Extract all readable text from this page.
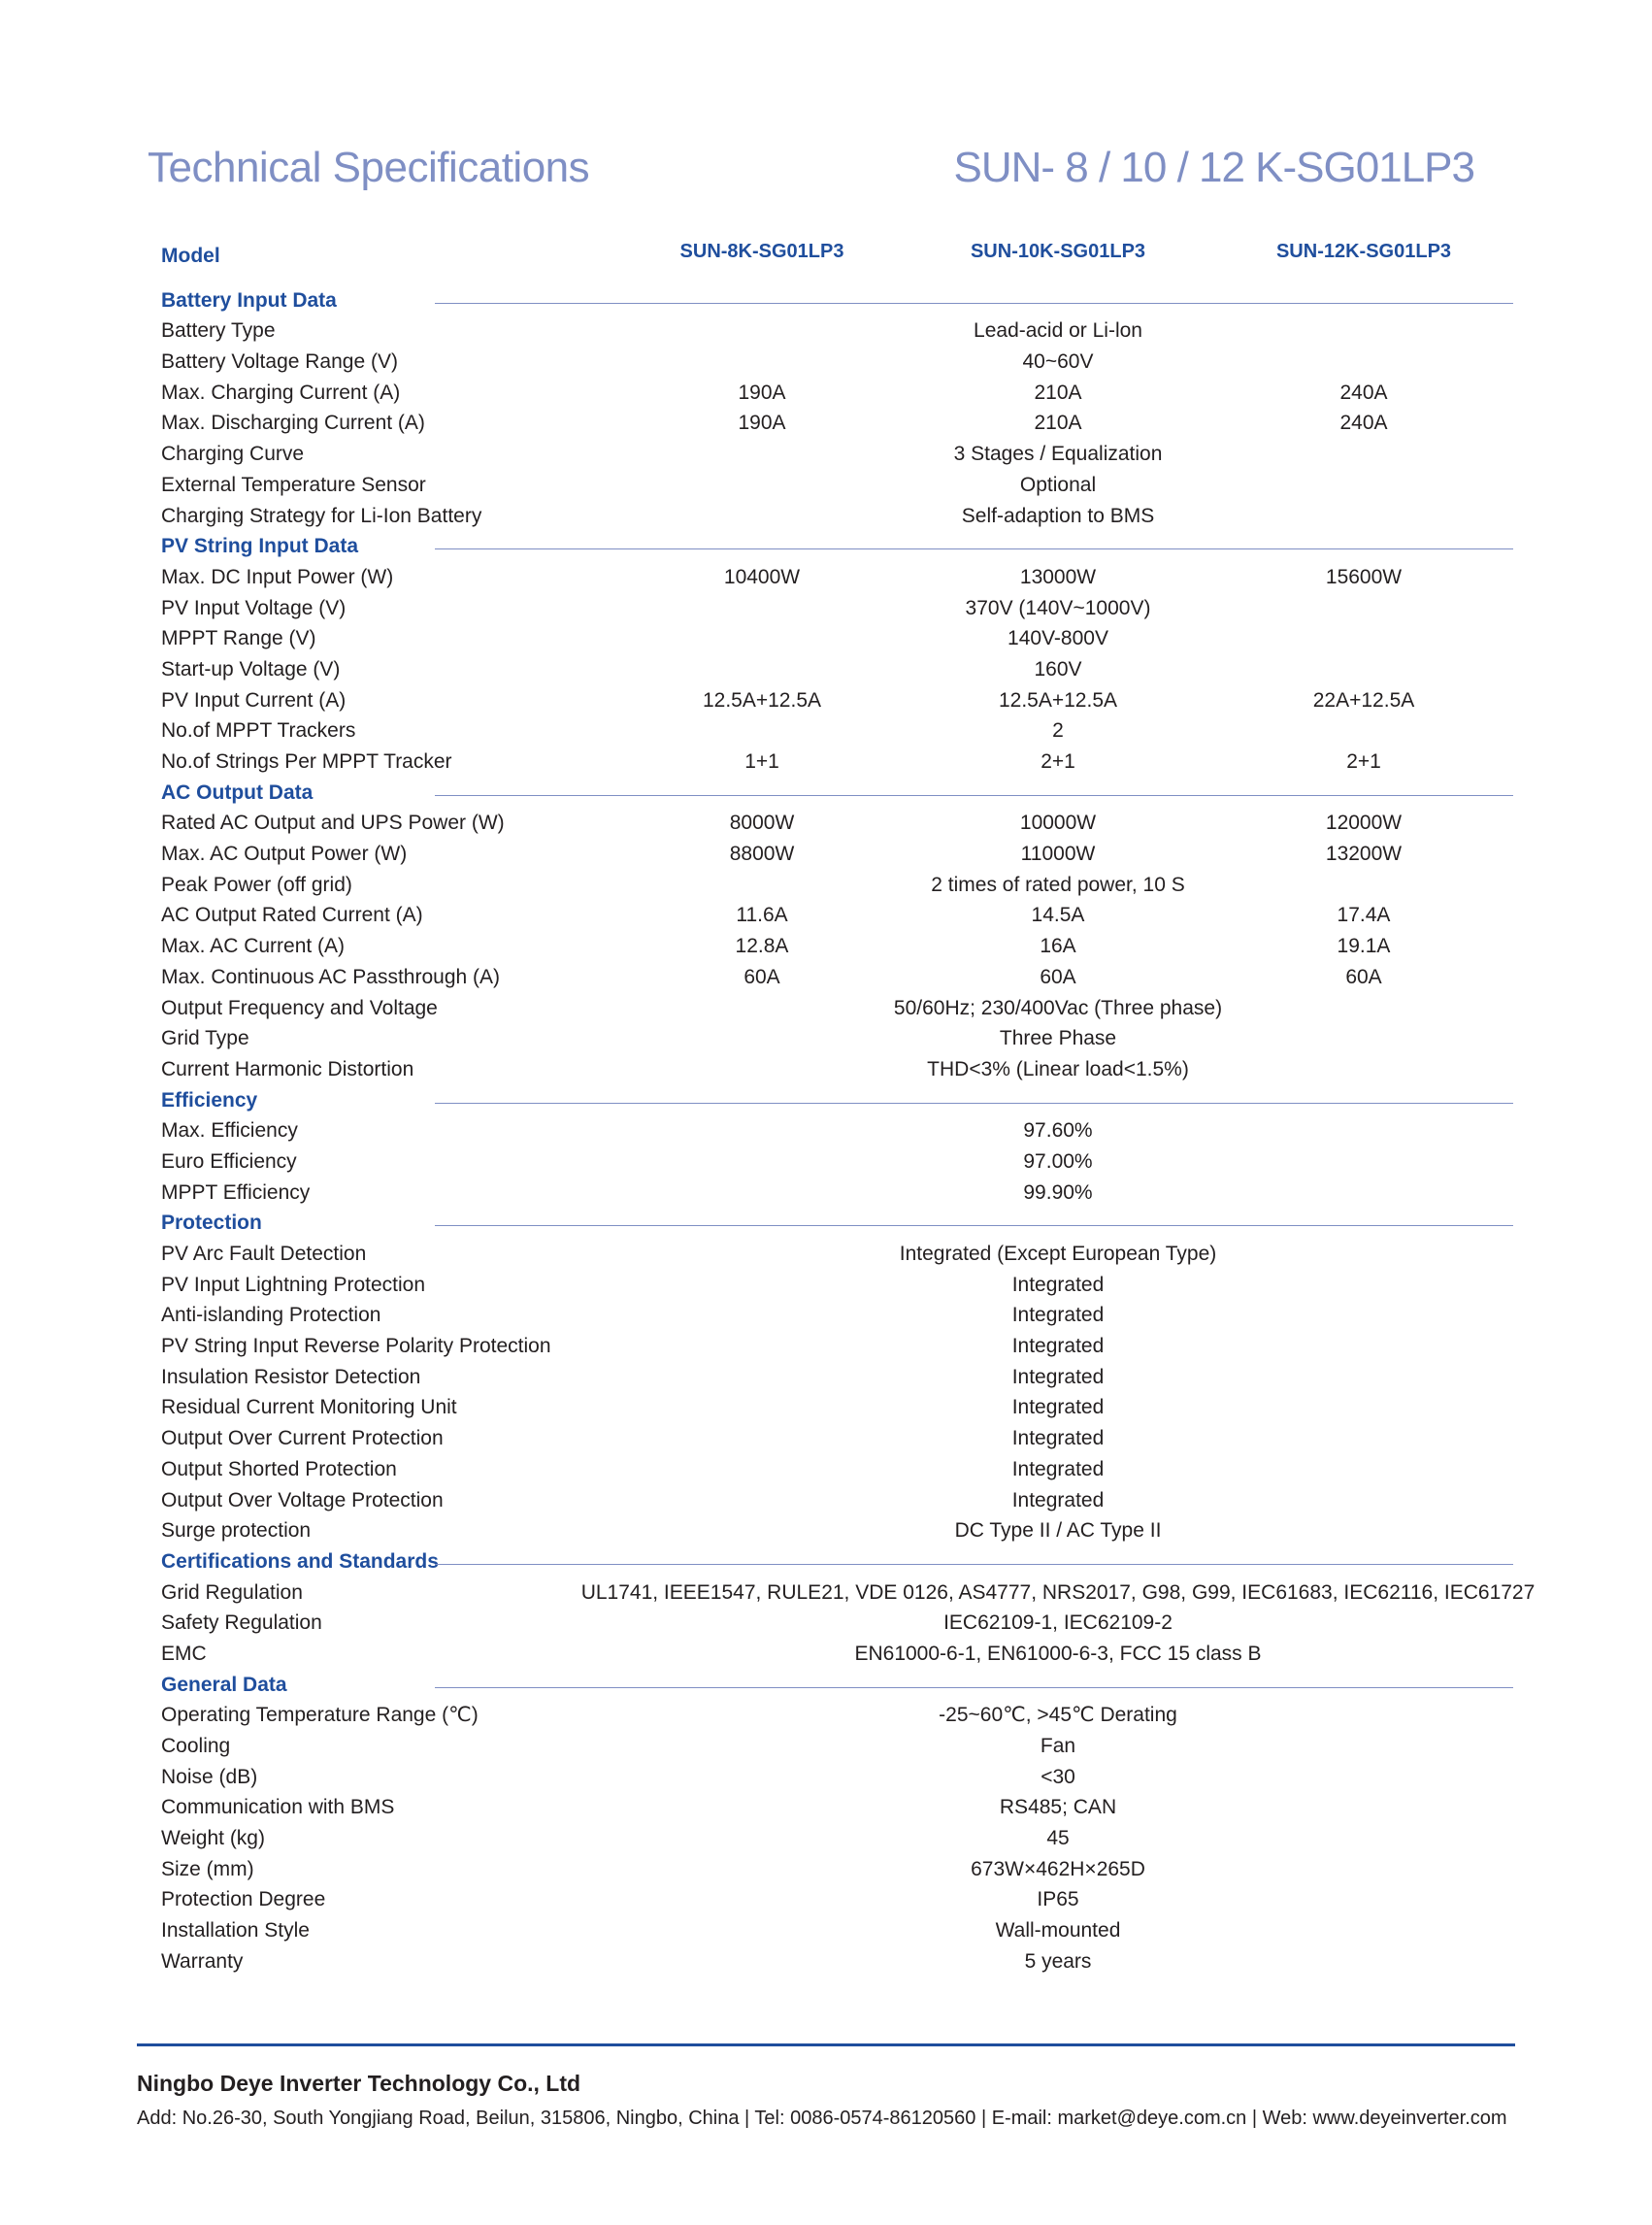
Technical Specifications	SUN- 8 / 10 / 12 K-SG01LP3
Model	SUN-8K-SG01LP3	SUN-10K-SG01LP3	SUN-12K-SG01LP3
Battery Input Data
Battery Type	Lead-acid or Li-lon
Battery Voltage Range (V)	40~60V
Max. Charging Current (A)	190A	210A	240A
Max. Discharging Current (A)	190A	210A	240A
Charging Curve	3 Stages / Equalization
External Temperature Sensor	Optional
Charging Strategy for Li-Ion Battery	Self-adaption to BMS
PV String Input Data
Max. DC Input Power (W)	10400W	13000W	15600W
PV Input Voltage (V)	370V (140V~1000V)
MPPT Range (V)	140V-800V
Start-up Voltage (V)	160V
PV Input Current (A)	12.5A+12.5A	12.5A+12.5A	22A+12.5A
No.of MPPT Trackers	2
No.of Strings Per MPPT Tracker	1+1	2+1	2+1
AC Output Data
Rated AC Output and UPS Power (W)	8000W	10000W	12000W
Max. AC Output Power (W)	8800W	11000W	13200W
Peak Power (off grid)	2 times of rated power, 10 S
AC Output Rated Current (A)	11.6A	14.5A	17.4A
Max. AC Current (A)	12.8A	16A	19.1A
Max. Continuous AC Passthrough (A)	60A	60A	60A
Output Frequency and Voltage	50/60Hz; 230/400Vac (Three phase)
Grid Type	Three Phase
Current Harmonic Distortion	THD<3% (Linear load<1.5%)
Efficiency
Max. Efficiency	97.60%
Euro Efficiency	97.00%
MPPT Efficiency	99.90%
Protection
PV Arc Fault Detection	Integrated (Except European Type)
PV Input Lightning Protection	Integrated
Anti-islanding Protection	Integrated
PV String Input Reverse Polarity Protection	Integrated
Insulation Resistor Detection	Integrated
Residual Current Monitoring Unit	Integrated
Output Over Current Protection	Integrated
Output Shorted Protection	Integrated
Output Over Voltage Protection	Integrated
Surge protection	DC Type II / AC Type II
Certifications and Standards
Grid Regulation	UL1741, IEEE1547, RULE21, VDE 0126, AS4777, NRS2017, G98, G99, IEC61683, IEC62116, IEC61727
Safety Regulation	IEC62109-1, IEC62109-2
EMC	EN61000-6-1, EN61000-6-3, FCC 15 class B
General Data
Operating Temperature Range (℃)	-25~60℃, >45℃ Derating
Cooling	Fan
Noise (dB)	<30
Communication with BMS	RS485; CAN
Weight (kg)	45
Size (mm)	673W×462H×265D
Protection Degree	IP65
Installation Style	Wall-mounted
Warranty	5 years
Ningbo Deye Inverter Technology Co., Ltd
Add: No.26-30, South Yongjiang Road, Beilun, 315806, Ningbo, China | Tel: 0086-0574-86120560 | E-mail: market@deye.com.cn | Web: www.deyeinverter.com
